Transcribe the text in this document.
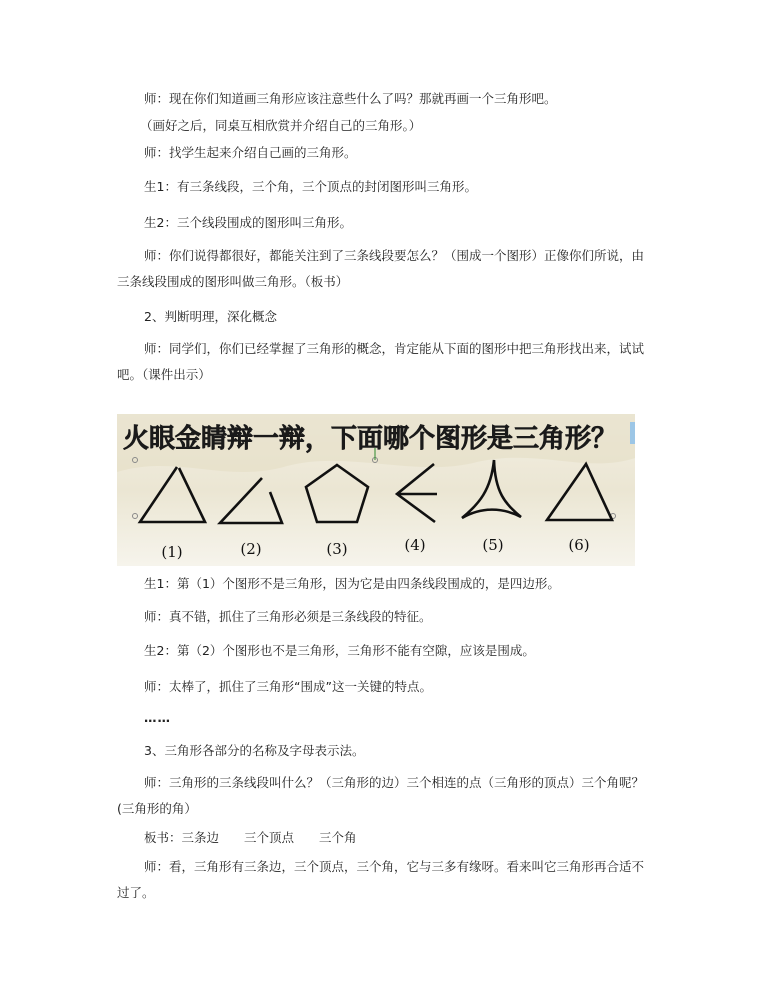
师：现在你们知道画三角形应该注意些什么了吗？那就再画一个三角形吧。

（画好之后，同桌互相欣赏并介绍自己的三角形。）

师：找学生起来介绍自己画的三角形。

生1：有三条线段，三个角，三个顶点的封闭图形叫三角形。

生2：三个线段围成的图形叫三角形。

师：你们说得都很好，都能关注到了三条线段要怎么？（围成一个图形）正像你们所说，由三条线段围成的图形叫做三角形。（板书）

2、判断明理，深化概念

师：同学们，你们已经掌握了三角形的概念，肯定能从下面的图形中把三角形找出来，试试吧。（课件出示）

火眼金睛辩一辩，下面哪个图形是三角形？
(1)	(2)	(3)	(4)	(5)	(6)

生1：第（1）个图形不是三角形，因为它是由四条线段围成的，是四边形。

师：真不错，抓住了三角形必须是三条线段的特征。

生2：第（2）个图形也不是三角形，三角形不能有空隙，应该是围成。

师：太棒了，抓住了三角形“围成”这一关键的特点。

……

3、三角形各部分的名称及字母表示法。

师：三角形的三条线段叫什么？（三角形的边）三个相连的点（三角形的顶点）三个角呢？(三角形的角）

板书：三条边　　三个顶点　　三个角

师：看，三角形有三条边，三个顶点，三个角，它与三多有缘呀。看来叫它三角形再合适不过了。
